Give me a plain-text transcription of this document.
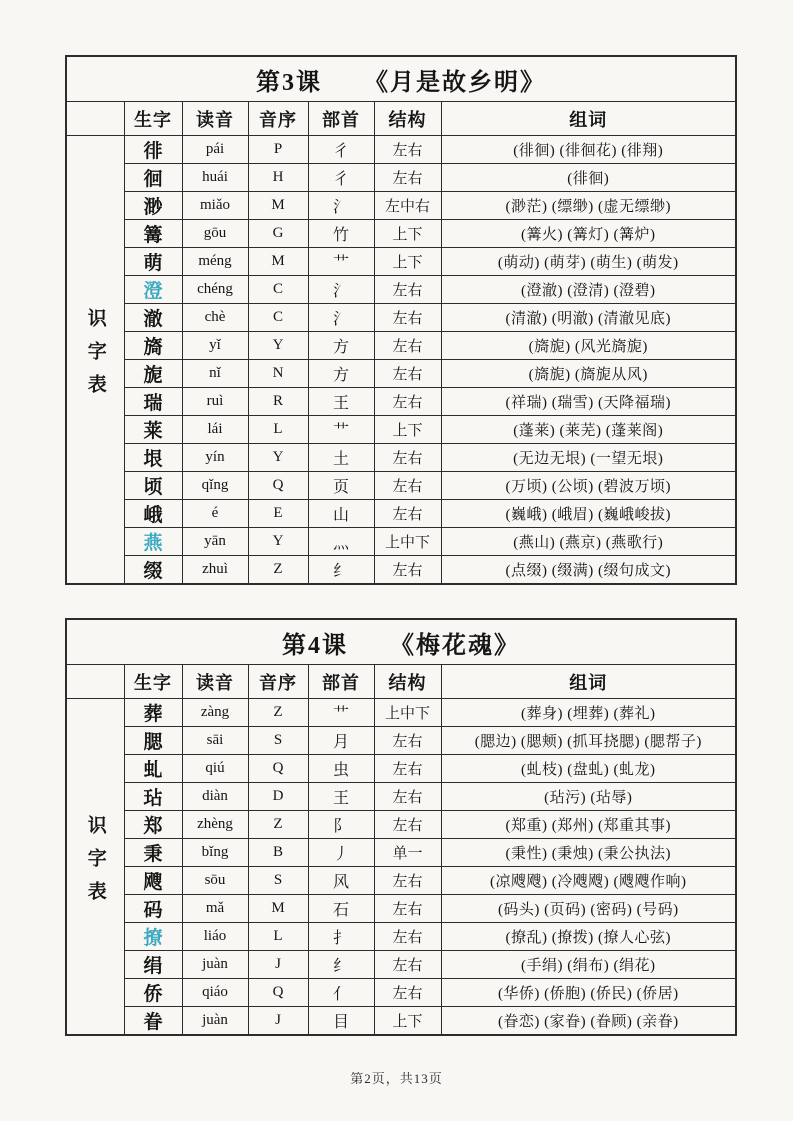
第3课 《月是故乡明》						
	生字	读音	音序	部首	结构	组词
识字表	徘	pái	P	彳	左右	(徘徊) (徘徊花) (徘翔)
	徊	huái	H	彳	左右	(徘徊)
	渺	miǎo	M	氵	左中右	(渺茫) (缥缈) (虚无缥缈)
	篝	gōu	G	竹	上下	(篝火) (篝灯) (篝炉)
	萌	méng	M	艹	上下	(萌动) (萌芽) (萌生) (萌发)
	澄	chéng	C	氵	左右	(澄澈) (澄清) (澄碧)
	澈	chè	C	氵	左右	(清澈) (明澈) (清澈见底)
	旖	yǐ	Y	方	左右	(旖旎) (风光旖旎)
	旎	nǐ	N	方	左右	(旖旎) (旖旎从风)
	瑞	ruì	R	王	左右	(祥瑞) (瑞雪) (天降福瑞)
	莱	lái	L	艹	上下	(蓬莱) (莱芜) (蓬莱阁)
	垠	yín	Y	土	左右	(无边无垠) (一望无垠)
	顷	qǐng	Q	页	左右	(万顷) (公顷) (碧波万顷)
	峨	é	E	山	左右	(巍峨) (峨眉) (巍峨峻拔)
	燕	yān	Y	灬	上中下	(燕山) (燕京) (燕歌行)
	缀	zhuì	Z	纟	左右	(点缀) (缀满) (缀句成文)
第4课 《梅花魂》						
	生字	读音	音序	部首	结构	组词
识字表	葬	zàng	Z	艹	上中下	(葬身) (埋葬) (葬礼)
	腮	sāi	S	月	左右	(腮边) (腮颊) (抓耳挠腮) (腮帮子)
	虬	qiú	Q	虫	左右	(虬枝) (盘虬) (虬龙)
	玷	diàn	D	王	左右	(玷污) (玷辱)
	郑	zhèng	Z	阝	左右	(郑重) (郑州) (郑重其事)
	秉	bǐng	B	丿	单一	(秉性) (秉烛) (秉公执法)
	飕	sōu	S	风	左右	(凉飕飕) (冷飕飕) (飕飕作响)
	码	mǎ	M	石	左右	(码头) (页码) (密码) (号码)
	撩	liáo	L	扌	左右	(撩乱) (撩拨) (撩人心弦)
	绢	juàn	J	纟	左右	(手绢) (绢布) (绢花)
	侨	qiáo	Q	亻	左右	(华侨) (侨胞) (侨民) (侨居)
	眷	juàn	J	目	上下	(眷恋) (家眷) (眷顾) (亲眷)
第2页，共13页
